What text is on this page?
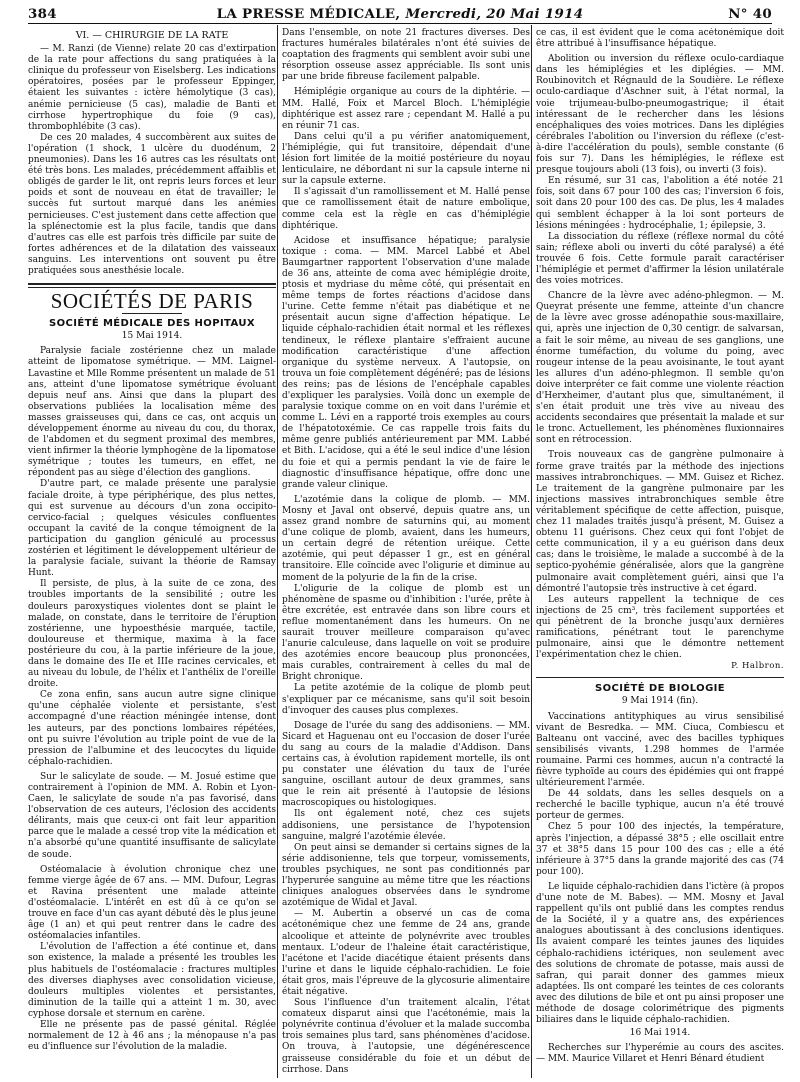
384	LA PRESSE MÉDICALE, Mercredi, 20 Mai 1914	N° 40
VI. — CHIRURGIE DE LA RATE

— M. Ranzi (de Vienne) relate 20 cas d'extirpation de la rate pour affections du sang pratiquées à la clinique du professeur von Eiselsberg. Les indications opératoires, posées par le professeur Eppinger, étaient les suivantes : ictère hémolytique (3 cas), anémie pernicieuse (5 cas), maladie de Banti et cirrhose hypertrophique du foie (9 cas), thrombophlébite (3 cas).

De ces 20 malades, 4 succombèrent aux suites de l'opération (1 shock, 1 ulcère du duodénum, 2 pneumonies). Dans les 16 autres cas les résultats ont été très bons. Les malades, précédemment affaiblis et obligés de garder le lit, ont repris leurs forces et leur poids et sont de nouveau en état de travailler; le succès fut surtout marqué dans les anémies pernicieuses. C'est justement dans cette affection que la splénectomie est la plus facile, tandis que dans d'autres cas elle est parfois très difficile par suite de fortes adhérences et de la dilatation des vaisseaux sanguins. Les interventions ont souvent pu être pratiquées sous anesthésie locale.

SOCIÉTÉS DE PARIS
SOCIÉTÉ MÉDICALE DES HOPITAUX
15 Mai 1914.

Paralysie faciale zostérienne chez un malade atteint de lipomatose symétrique. — MM. Laignel-Lavastine et Mlle Romme présentent un malade de 51 ans, atteint d'une lipomatose symétrique évoluant depuis neuf ans. Ainsi que dans la plupart des observations publiées la localisation même des masses graisseuses qui, dans ce cas, ont acquis un développement énorme au niveau du cou, du thorax, de l'abdomen et du segment proximal des membres, vient infirmer la théorie lymphogène de la lipomatose symétrique ; toutes les tumeurs, en effet, ne répondent pas au siège d'élection des ganglions.

D'autre part, ce malade présente une paralysie faciale droite, à type périphérique, des plus nettes, qui est survenue au décours d'un zona occipito-cervico-facial ; quelques vésicules confluentes occupant la cavité de la conque témoignent de la participation du ganglion géniculé au processus zostérien et légitiment le développement ultérieur de la paralysie faciale, suivant la théorie de Ramsay Hunt.

Il persiste, de plus, à la suite de ce zona, des troubles importants de la sensibilité ; outre les douleurs paroxystiques violentes dont se plaint le malade, on constate, dans le territoire de l'éruption zostérienne, une hypoesthésie marquée, tactile, douloureuse et thermique, maxima à la face postérieure du cou, à la partie inférieure de la joue, dans le domaine des IIe et IIIe racines cervicales, et au niveau du lobule, de l'hélix et l'anthélix de l'oreille droite.

Ce zona enfin, sans aucun autre signe clinique qu'une céphalée violente et persistante, s'est accompagné d'une réaction méningée intense, dont les auteurs, par des ponctions lombaires répétées, ont pu suivre l'évolution au triple point de vue de la pression de l'albumine et des leucocytes du liquide céphalo-rachidien.

Sur le salicylate de soude. — M. Josué estime que contrairement à l'opinion de MM. A. Robin et Lyon-Caen, le salicylate de soude n'a pas favorisé, dans l'observation de ces auteurs, l'éclosion des accidents délirants, mais que ceux-ci ont fait leur apparition parce que le malade a cessé trop vite la médication et n'a absorbé qu'une quantité insuffisante de salicylate de soude.

Ostéomalacie à évolution chronique chez une femme vierge âgée de 67 ans. — MM. Dufour, Legras et Ravina présentent une malade atteinte d'ostéomalacie. L'intérêt en est dû à ce qu'on se trouve en face d'un cas ayant débuté dès le plus jeune âge (1 an) et qui peut rentrer dans le cadre des ostéomalacies infantiles.

L'évolution de l'affection a été continue et, dans son existence, la malade a présenté les troubles les plus habituels de l'ostéomalacie : fractures multiples des diverses diaphyses avec consolidation vicieuse, douleurs multiples violentes et persistantes, diminution de la taille qui a atteint 1 m. 30, avec cyphose dorsale et sternum en carène.

Elle ne présente pas de passé génital. Réglée normalement de 12 à 46 ans ; la ménopause n'a pas eu d'influence sur l'évolution de la maladie.

Dans l'ensemble, on note 21 fractures diverses. Des fractures humérales bilatérales n'ont été suivies de coaptation des fragments qui semblent avoir subi une résorption osseuse assez appréciable. Ils sont unis par une bride fibreuse facilement palpable.

Hémiplégie organique au cours de la diphtérie. — MM. Hallé, Foix et Marcel Bloch. L'hémiplégie diphtérique est assez rare ; cependant M. Hallé a pu en réunir 71 cas.

Dans celui qu'il a pu vérifier anatomiquement, l'hémiplégie, qui fut transitoire, dépendait d'une lésion fort limitée de la moitié postérieure du noyau lenticulaire, ne débordant ni sur la capsule interne ni sur la capsule externe.

Il s'agissait d'un ramollissement et M. Hallé pense que ce ramollissement était de nature embolique, comme cela est la règle en cas d'hémiplégie diphtérique.

Acidose et insuffisance hépatique; paralysie toxique : coma. — MM. Marcel Labbé et Abel Baumgartner rapportent l'observation d'une malade de 36 ans, atteinte de coma avec hémiplégie droite, ptosis et mydriase du même côté, qui présentait en même temps de fortes réactions d'acidose dans l'urine. Cette femme n'était pas diabétique et ne présentait aucun signe d'affection hépatique. Le liquide céphalo-rachidien était normal et les réflexes tendineux, le réflexe plantaire s'effraient aucune modification caractéristique d'une affection organique du système nerveux. A l'autopsie, on trouva un foie complètement dégénéré; pas de lésions des reins; pas de lésions de l'encéphale capables d'expliquer les paralysies. Voilà donc un exemple de paralysie toxique comme on en voit dans l'urémie et comme L. Lévi en a rapporté trois exemples au cours de l'hépatotoxémie. Ce cas rappelle trois faits du même genre publiés antérieurement par MM. Labbé et Bith. L'acidose, qui a été le seul indice d'une lésion du foie et qui a permis pendant la vie de faire le diagnostic d'insuffisance hépatique, offre donc une grande valeur clinique.

L'azotémie dans la colique de plomb. — MM. Mosny et Javal ont observé, depuis quatre ans, un assez grand nombre de saturnins qui, au moment d'une colique de plomb, avaient, dans les humeurs, un certain degré de rétention uréique. Cette azotémie, qui peut dépasser 1 gr., est en général transitoire. Elle coïncide avec l'oligurie et diminue au moment de la polyurie de la fin de la crise.

L'oligurie de la colique de plomb est un phénomène de spasme ou d'inhibition : l'urée, prête à être excrétée, est entravée dans son libre cours et reflue momentanément dans les humeurs. On ne saurait trouver meilleure comparaison qu'avec l'anurie calculeuse, dans laquelle on voit se produire des azotémies encore beaucoup plus prononcées, mais curables, contrairement à celles du mal de Bright chronique.

La petite azotémie de la colique de plomb peut s'expliquer par ce mécanisme, sans qu'il soit besoin d'invoquer des causes plus complexes.

Dosage de l'urée du sang des addisoniens. — MM. Sicard et Haguenau ont eu l'occasion de doser l'urée du sang au cours de la maladie d'Addison. Dans certains cas, à évolution rapidement mortelle, ils ont pu constater une élévation du taux de l'urée sanguine, oscillant autour de deux grammes, sans que le rein ait présenté à l'autopsie de lésions macroscopiques ou histologiques.

Ils ont également noté, chez ces sujets addisoniens, une persistance de l'hypotension sanguine, malgré l'azotémie élevée.

On peut ainsi se demander si certains signes de la série addisonienne, tels que torpeur, vomissements, troubles psychiques, ne sont pas conditionnés par l'hyperurée sanguine au même titre que les réactions cliniques analogues observées dans le syndrome azotémique de Widal et Javal.

— M. Aubertin a observé un cas de coma acétonémique chez une femme de 24 ans, grande alcoolique et atteinte de polynévrite avec troubles mentaux. L'odeur de l'haleine était caractéristique, l'acétone et l'acide diacétique étaient présents dans l'urine et dans le liquide céphalo-rachidien. Le foie était gros, mais l'épreuve de la glycosurie alimentaire était négative.

Sous l'influence d'un traitement alcalin, l'état comateux disparut ainsi que l'acétonémie, mais la polynévrite continua d'évoluer et la malade succomba trois semaines plus tard, sans phénomènes d'acidose. On trouva, à l'autopsie, une dégénérescence graisseuse considérable du foie et un début de cirrhose. Dans

ce cas, il est évident que le coma acétonémique doit être attribué à l'insuffisance hépatique.

Abolition ou inversion du réflexe oculo-cardiaque dans les hémiplégies et les diplégies. — MM. Roubinovitch et Régnauld de la Soudière. Le réflexe oculo-cardiaque d'Aschner suit, à l'état normal, la voie trijumeau-bulbo-pneumogastrique; il était intéressant de le rechercher dans les lésions encéphaliques des voies motrices. Dans les diplégies cérébrales l'abolition ou l'inversion du réflexe (c'est-à-dire l'accélération du pouls), semble constante (6 fois sur 7). Dans les hémiplégies, le réflexe est presque toujours aboli (13 fois), ou inverti (3 fois).

En résumé, sur 31 cas, l'abolition a été notée 21 fois, soit dans 67 pour 100 des cas; l'inversion 6 fois, soit dans 20 pour 100 des cas. De plus, les 4 malades qui semblent échapper à la loi sont porteurs de lésions méningées : hydrocéphalie, 1; épilepsie, 3.

La dissociation du réflexe (réflexe normal du côté sain; réflexe aboli ou inverti du côté paralysé) a été trouvée 6 fois. Cette formule paraît caractériser l'hémiplégie et permet d'affirmer la lésion unilatérale des voies motrices.

Chancre de la lèvre avec adéno-phlegmon. — M. Queyrat présente une femme, atteinte d'un chancre de la lèvre avec grosse adénopathie sous-maxillaire, qui, après une injection de 0,30 centigr. de salvarsan, a fait le soir même, au niveau de ses ganglions, une énorme tuméfaction, du volume du poing, avec rougeur intense de la peau avoisinante, le tout ayant les allures d'un adéno-phlegmon. Il semble qu'on doive interpréter ce fait comme une violente réaction d'Herxheimer, d'autant plus que, simultanément, il s'en était produit une très vive au niveau des accidents secondaires que présentait la malade et sur le tronc. Actuellement, les phénomènes fluxionnaires sont en rétrocession.

Trois nouveaux cas de gangrène pulmonaire à forme grave traités par la méthode des injections massives intrabronchiques. — MM. Guisez et Richez. Le traitement de la gangrène pulmonaire par les injections massives intrabronchiques semble être véritablement spécifique de cette affection, puisque, chez 11 malades traités jusqu'à présent, M. Guisez a obtenu 11 guérisons. Chez ceux qui font l'objet de cette communication, il y a eu guérison dans deux cas; dans le troisième, le malade a succombé à de la septico-pyohémie généralisée, alors que la gangrène pulmonaire avait complètement guéri, ainsi que l'a démontré l'autopsie très instructive à cet égard.

Les auteurs rappellent la technique de ces injections de 25 cm³, très facilement supportées et qui pénètrent de la bronche jusqu'aux dernières ramifications, pénétrant tout le parenchyme pulmonaire, ainsi que le démontre nettement l'expérimentation chez le chien.

P. Halbron.
SOCIÉTÉ DE BIOLOGIE
9 Mai 1914 (fin).

Vaccinations antityphiques au virus sensibilisé vivant de Besredka. — MM. Ciuca, Combiescu et Balteanu ont vacciné, avec des bacilles typhiques sensibilisés vivants, 1.298 hommes de l'armée roumaine. Parmi ces hommes, aucun n'a contracté la fièvre typhoïde au cours des épidémies qui ont frappé ultérieurement l'armée.

De 44 soldats, dans les selles desquels on a recherché le bacille typhique, aucun n'a été trouvé porteur de germes.

Chez 5 pour 100 des injectés, la température, après l'injection, a dépassé 38°5 ; elle oscillait entre 37 et 38°5 dans 15 pour 100 des cas ; elle a été inférieure à 37°5 dans la grande majorité des cas (74 pour 100).

Le liquide céphalo-rachidien dans l'ictère (à propos d'une note de M. Babes). — MM. Mosny et Javal rappellent qu'ils ont publié dans les comptes rendus de la Société, il y a quatre ans, des expériences analogues aboutissant à des conclusions identiques. Ils avaient comparé les teintes jaunes des liquides céphalo-rachidiens ictériques, non seulement avec des solutions de chromate de potasse, mais aussi de safran, qui parait donner des gammes mieux adaptées. Ils ont comparé les teintes de ces colorants avec des dilutions de bile et ont pu ainsi proposer une méthode de dosage colorimétrique des pigments biliaires dans le liquide céphalo-rachidien.

16 Mai 1914.

Recherches sur l'hyperémie au cours des ascites. — MM. Maurice Villaret et Henri Bénard étudient
